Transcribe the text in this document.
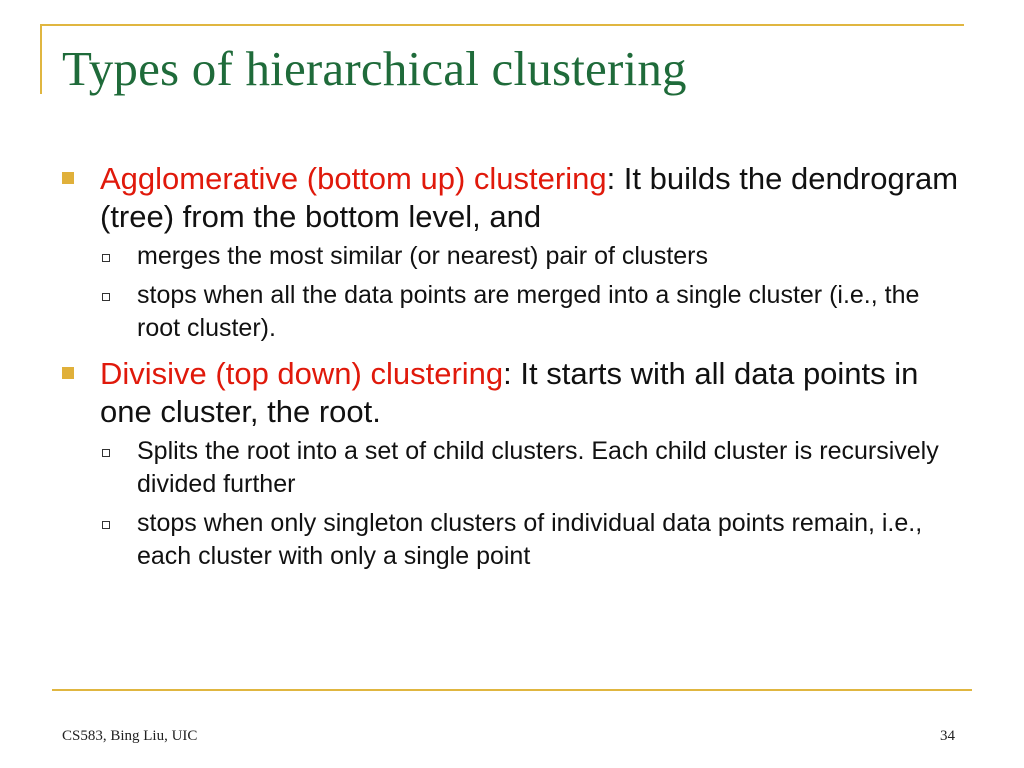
Types of hierarchical clustering
Agglomerative (bottom up) clustering: It builds the dendrogram (tree) from the bottom level, and
merges the most similar (or nearest) pair of clusters
stops when all the data points are merged into a single cluster (i.e., the root cluster).
Divisive (top down) clustering: It starts with all data points in one cluster, the root.
Splits the root into a set of child clusters. Each child cluster is recursively divided further
stops when only singleton clusters of individual data points remain, i.e., each cluster with only a single point
CS583, Bing Liu, UIC	34
